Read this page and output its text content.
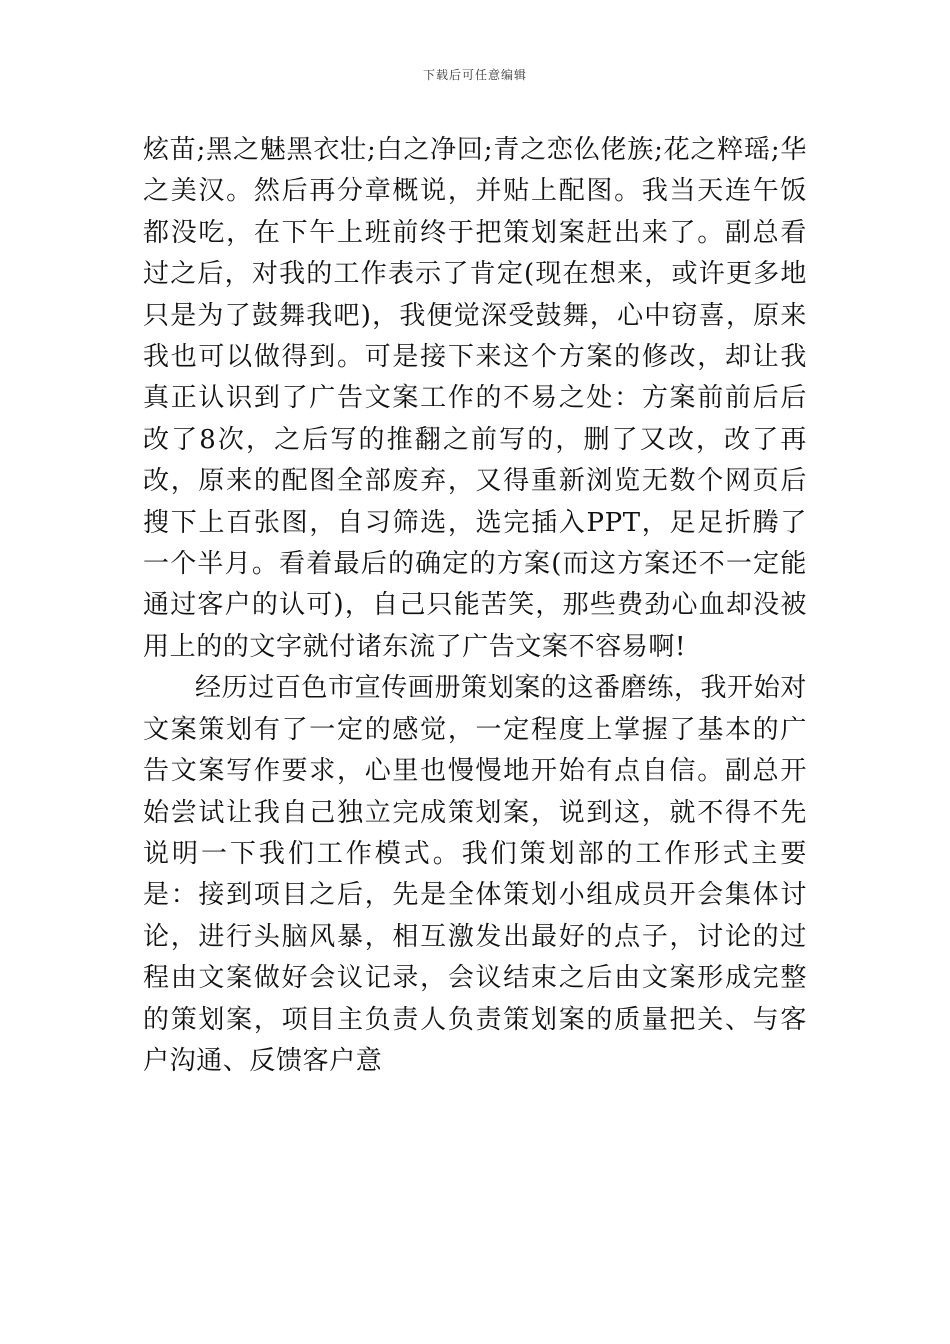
下载后可任意编辑

炫苗;黑之魅黑衣壮;白之净回;青之恋仫佬族;花之粹瑶;华之美汉。然后再分章概说，并贴上配图。我当天连午饭都没吃，在下午上班前终于把策划案赶出来了。副总看过之后，对我的工作表示了肯定(现在想来，或许更多地只是为了鼓舞我吧)，我便觉深受鼓舞，心中窃喜，原来我也可以做得到。可是接下来这个方案的修改，却让我真正认识到了广告文案工作的不易之处：方案前前后后改了8次，之后写的推翻之前写的，删了又改，改了再改，原来的配图全部废弃，又得重新浏览无数个网页后搜下上百张图，自习筛选，选完插入PPT，足足折腾了一个半月。看着最后的确定的方案(而这方案还不一定能通过客户的认可)，自己只能苦笑，那些费劲心血却没被用上的的文字就付诸东流了广告文案不容易啊!

经历过百色市宣传画册策划案的这番磨练，我开始对文案策划有了一定的感觉，一定程度上掌握了基本的广告文案写作要求，心里也慢慢地开始有点自信。副总开始尝试让我自己独立完成策划案，说到这，就不得不先说明一下我们工作模式。我们策划部的工作形式主要是：接到项目之后，先是全体策划小组成员开会集体讨论，进行头脑风暴，相互激发出最好的点子，讨论的过程由文案做好会议记录，会议结束之后由文案形成完整的策划案，项目主负责人负责策划案的质量把关、与客户沟通、反馈客户意
